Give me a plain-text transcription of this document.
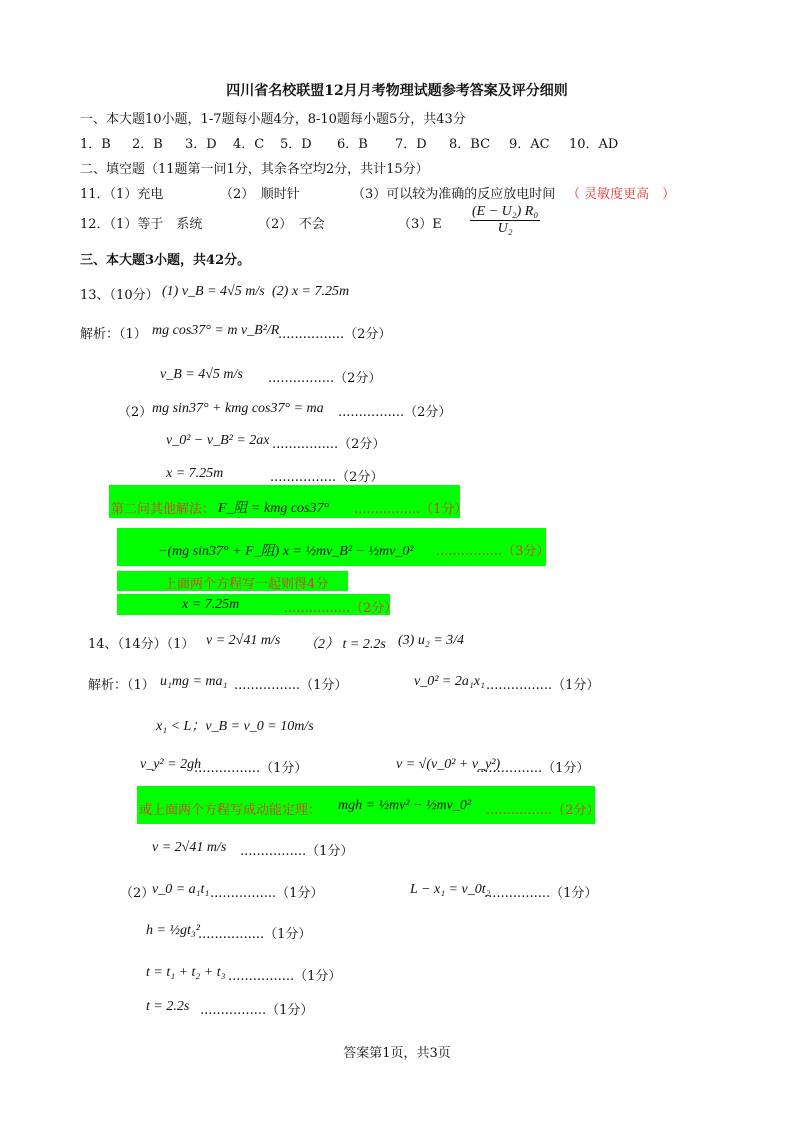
四川省名校联盟12月月考物理试题参考答案及评分细则
一、本大题10小题，1-7题每小题4分，8-10题每小题5分，共43分
1．B 2．B 3．D 4．C 5．D 6．B 7．D 8．BC 9．AC 10．AD
二、填空题（11题第一问1分，其余各空均2分，共计15分）
11．（1）充电	（2）　顺时针	（3）可以较为准确的反应放电时间 （ 灵敏度更高　）
12．（1）等于　系统	（2）　不会	$(3)E \frac{\text{(E − U₂) R₀}}{\text{U₂}}$
三、本大题3小题，共42分。
13、（10分） (1) v_B = 4√5 m/s (2) x = 7.25m
解析：（1） mg cos37° = m v_B²/R
................（2分）
v_B = 4√5 m/s ................（2分）
（2） mg sin37° + kmg cos37° = ma ................（2分）
v_0² − v_B² = 2ax ................（2分）
x = 7.25m	................（2分）
第二问其他解法： F_阻 = kmg cos37° ................（1分）
−(mg sin37° + F_阻) x = ½mv_B² − ½mv_0² ................（3分）
上面两个方程写一起则得4分
x = 7.25m	................（2分）
14、（14分）（1） v = 2√41 m/s （2） t = 2.2s (3) u₂ = 3/4
解析：（1） u₁mg = ma₁ ................（1分）	v_0² = 2a₁x₁ ................（1分）
x₁ < L；v_B = v_0 = 10m/s
v_y² = 2gh
................（1分）	v = √(v_0² + v_y²)
................（1分）
或上面两个方程写成动能定理： mgh = ½mv² − ½mv_0² ................（2分）
v = 2√41 m/s ................（1分）
（2）
v_0 = a₁t₁ ................（1分）	L − x₁ = v_0t₂
................（1分）
h = ½gt₃²
................（1分）
t = t₁ + t₂ + t₃ ................（1分）
t = 2.2s ................（1分）
答案第1页，共3页
